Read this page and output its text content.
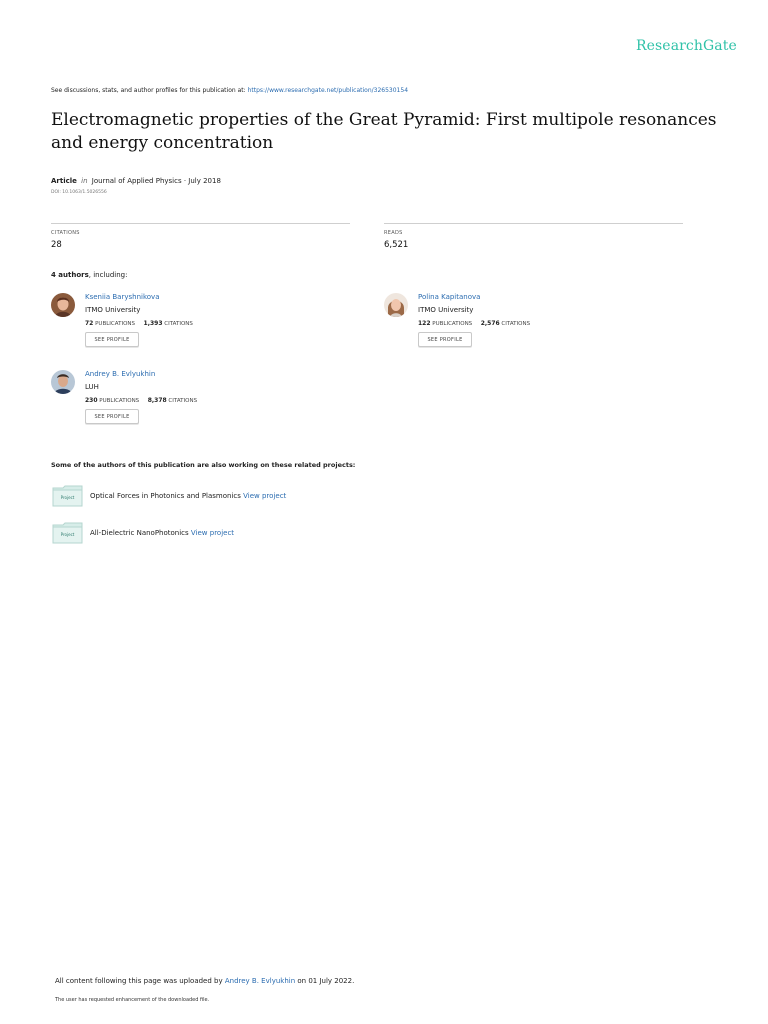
ResearchGate
See discussions, stats, and author profiles for this publication at: https://www.researchgate.net/publication/326530154
Electromagnetic properties of the Great Pyramid: First multipole resonances and energy concentration
Article in Journal of Applied Physics · July 2018
DOI: 10.1063/1.5026556
CITATIONS
28
READS
6,521
4 authors, including:
Kseniia Baryshnikova
ITMO University
72 PUBLICATIONS 1,393 CITATIONS
SEE PROFILE
Polina Kapitanova
ITMO University
122 PUBLICATIONS 2,576 CITATIONS
SEE PROFILE
Andrey B. Evlyukhin
LUH
230 PUBLICATIONS 8,378 CITATIONS
SEE PROFILE
Some of the authors of this publication are also working on these related projects:
Project	Optical Forces in Photonics and Plasmonics View project
Project	All-Dielectric NanoPhotonics View project
All content following this page was uploaded by Andrey B. Evlyukhin on 01 July 2022.
The user has requested enhancement of the downloaded file.
